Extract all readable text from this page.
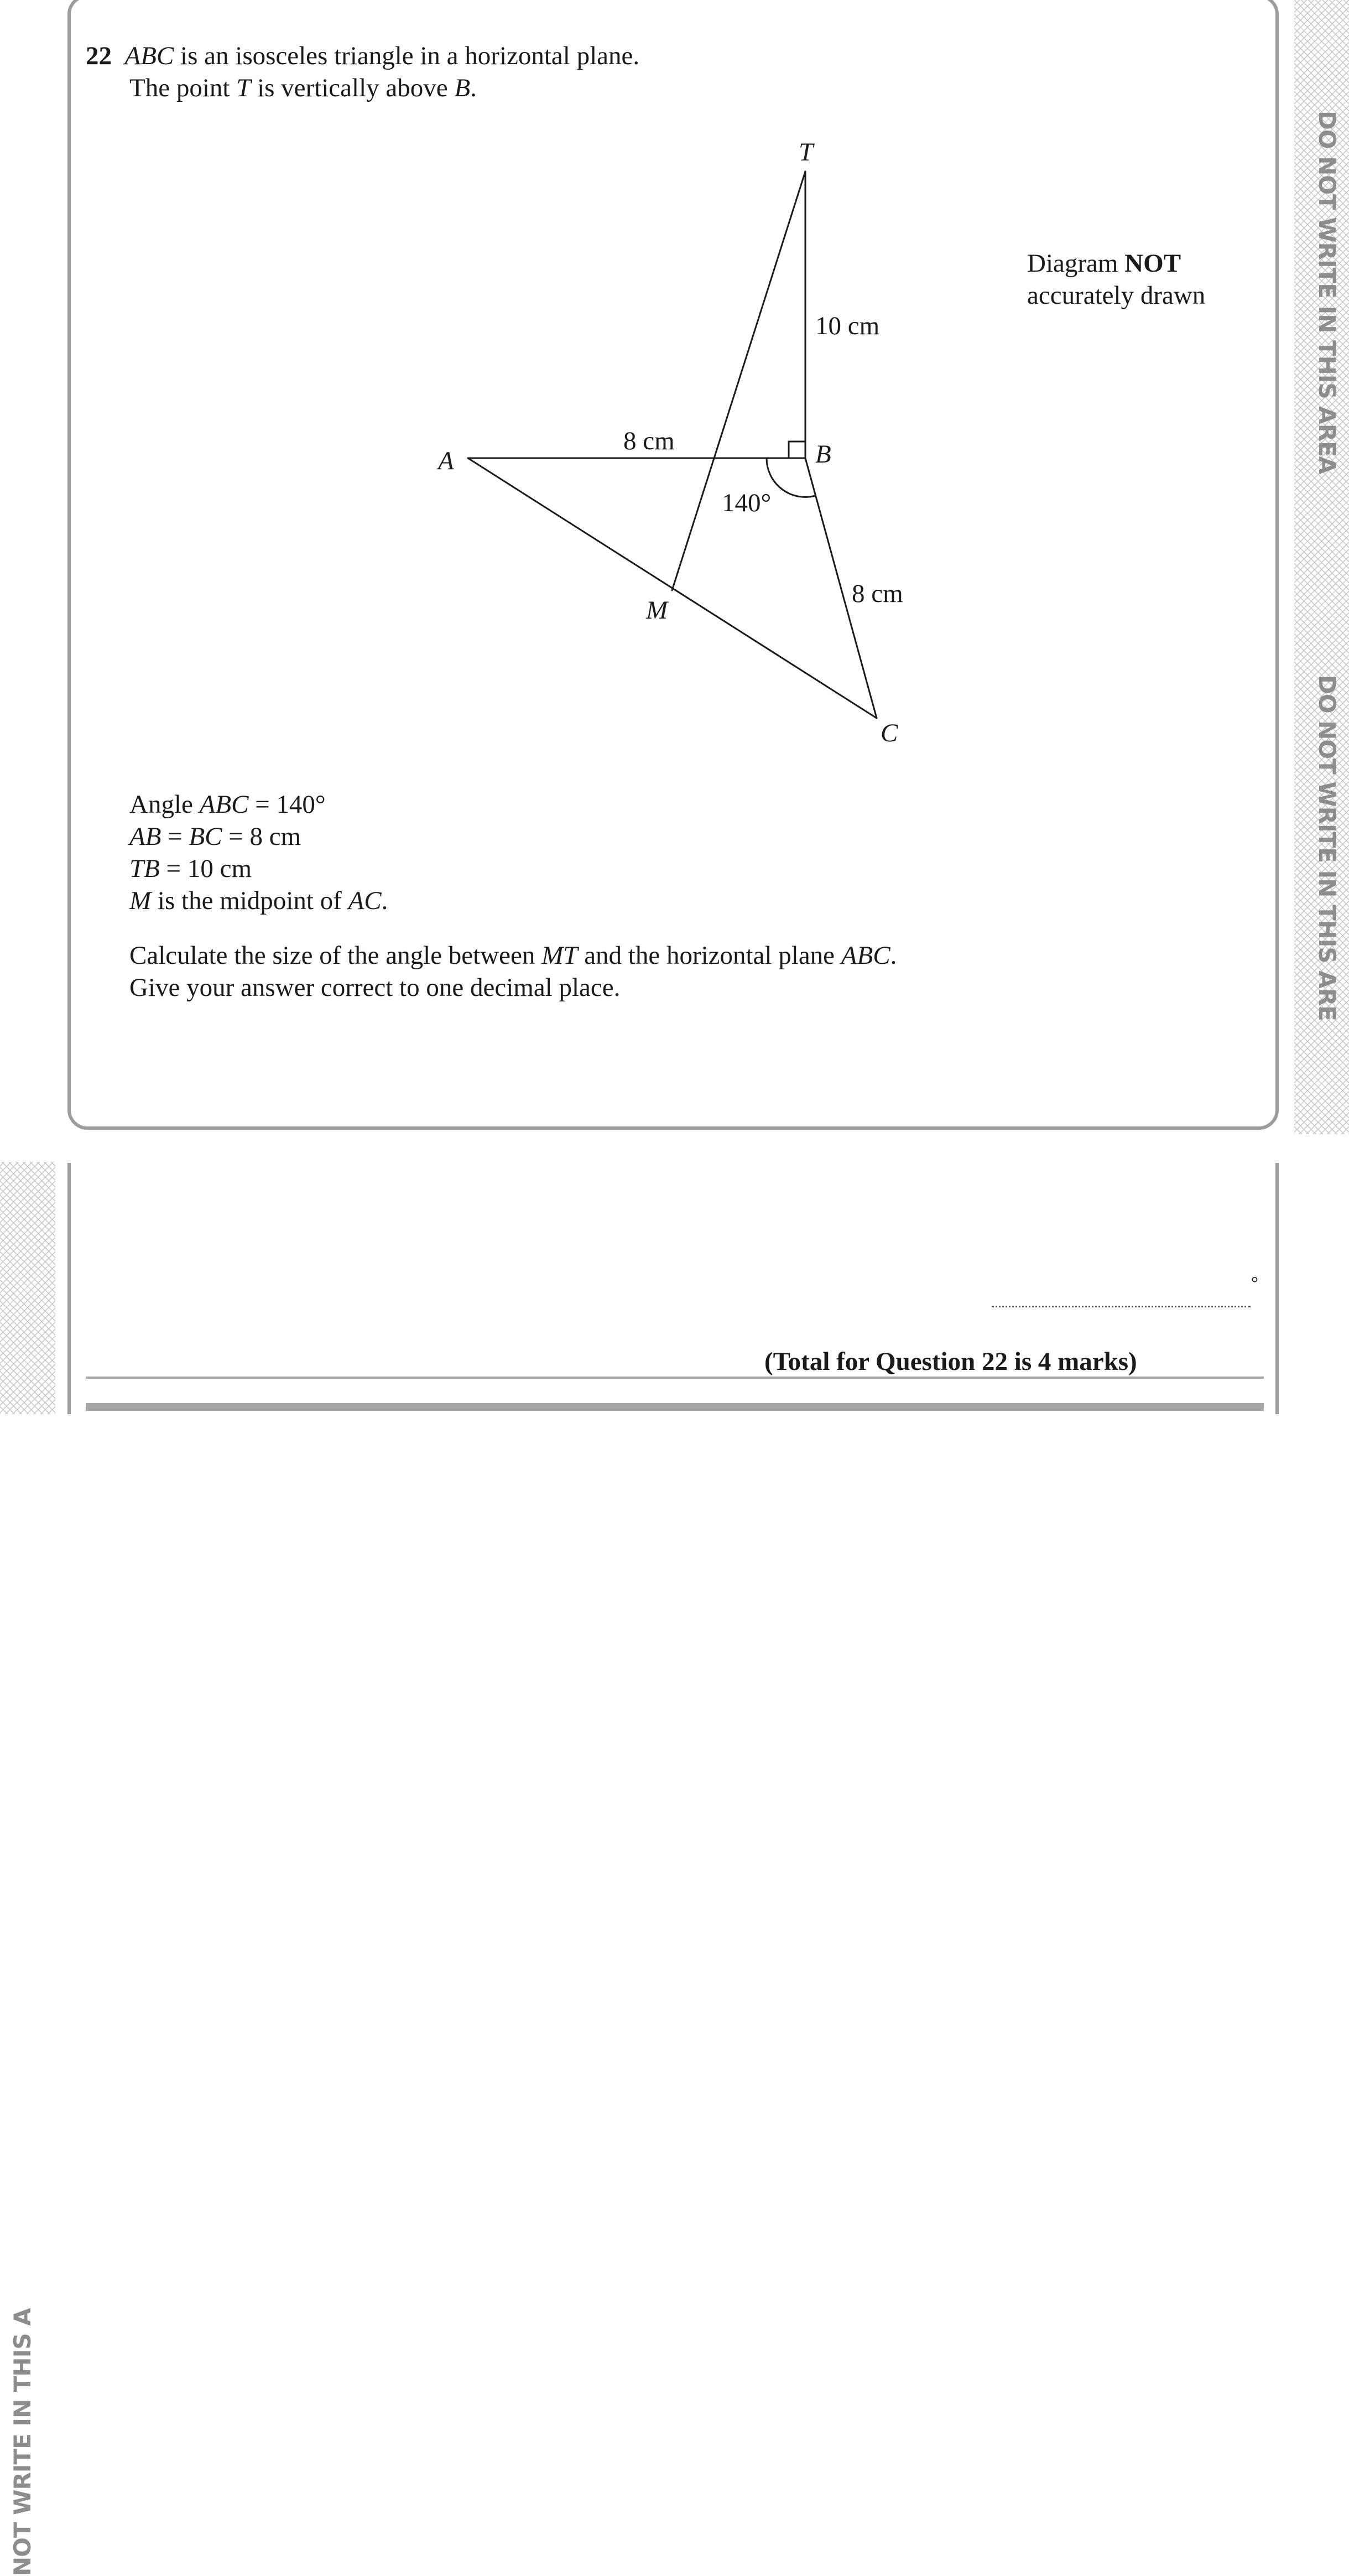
DO NOT WRITE IN THIS AREA
DO NOT WRITE IN THIS ARE
NOT WRITE IN THIS A
22 ABC is an isosceles triangle in a horizontal plane.
The point T is vertically above B.
T
A	B
C
M
10 cm
8 cm
8 cm
140°
Diagram NOT
accurately drawn
Angle ABC = 140°
AB = BC = 8 cm
TB = 10 cm
M is the midpoint of AC.
Calculate the size of the angle between MT and the horizontal plane ABC.
Give your answer correct to one decimal place.
°
(Total for Question 22 is 4 marks)
